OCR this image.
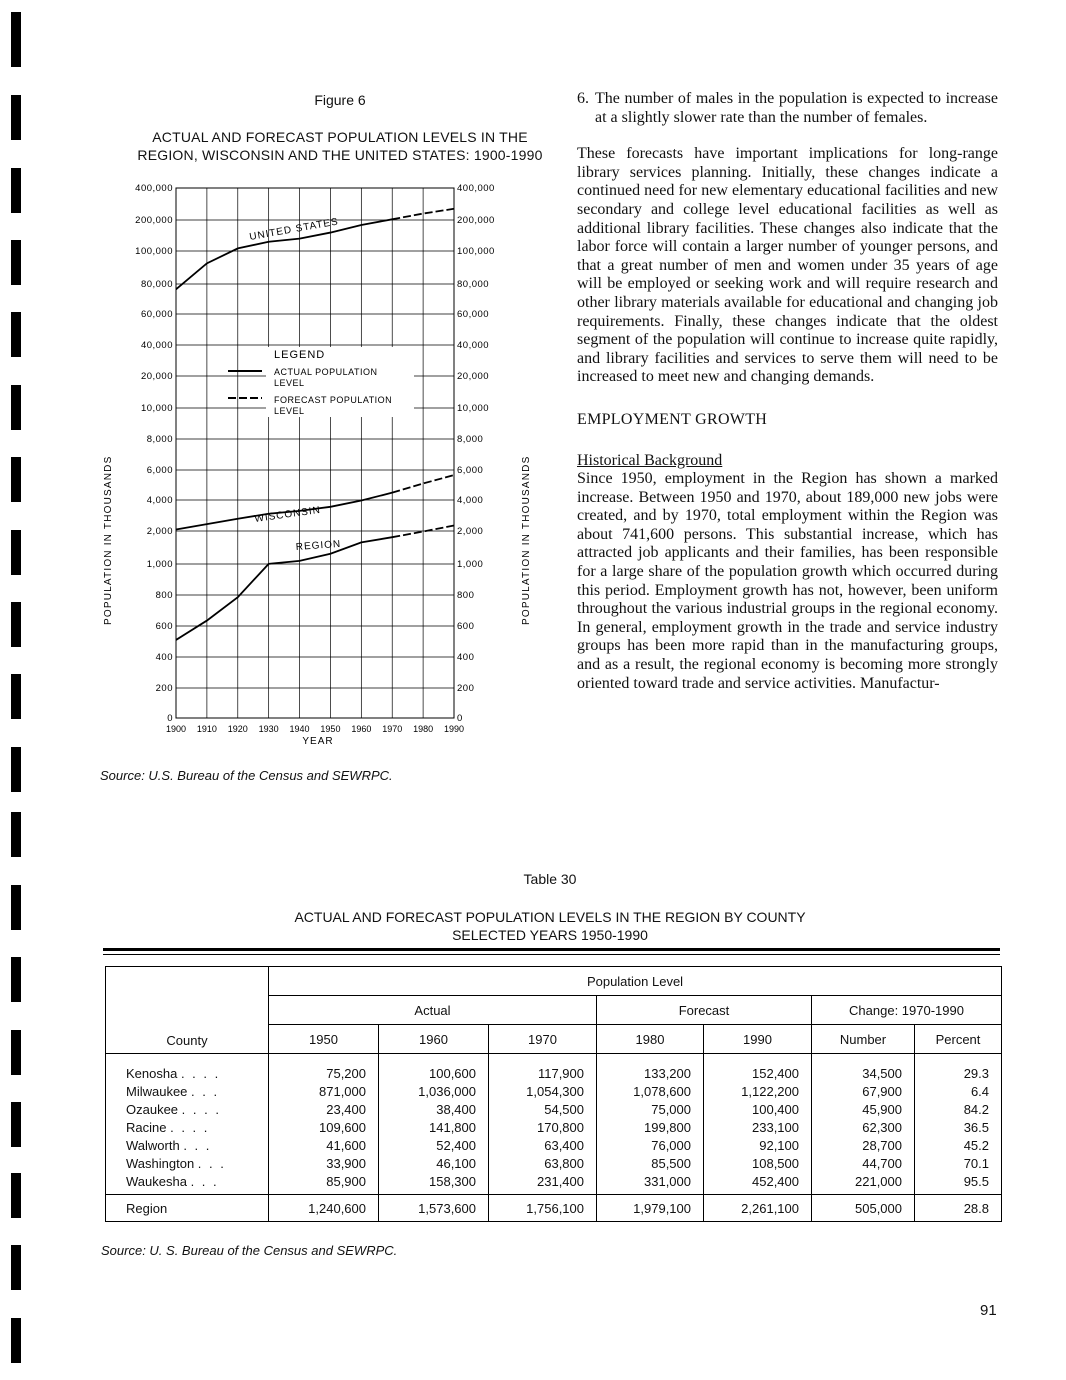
Figure 6
ACTUAL AND FORECAST POPULATION LEVELS IN THE
REGION, WISCONSIN AND THE UNITED STATES: 1900-1990
1900 1910 1920 1930 1940 1950 1960 1970 1980 1990
0	0
200	200
400	400
600	600
800	800
1,000	1,000
2,000	2,000
4,000	4,000
6,000	6,000
8,000	8,000
10,000	10,000
20,000	20,000
40,000	40,000
60,000	60,000
80,000	80,000
100,000	100,000
200,000	200,000
400,000	400,000
LEGEND
ACTUAL POPULATION
LEVEL
FORECAST POPULATION
LEVEL
UNITED STATES
WISCONSIN
REGION
POPULATION IN THOUSANDS	POPULATION IN THOUSANDS
YEAR
Source: U.S. Bureau of the Census and SEWRPC.
6. The number of males in the population is expected to increase at a slightly slower rate than the number of females.

These forecasts have important implications for long-range library services planning. Initially, these changes indicate a continued need for new elementary educational facilities and new secondary and college level educational facilities as well as additional library facilities. These changes also indicate that the labor force will contain a larger number of younger persons, and that a great number of men and women under 35 years of age will be employed or seeking work and will require research and other library materials available for educational and changing job requirements. Finally, these changes indicate that the oldest segment of the population will continue to increase quite rapidly, and library facilities and services to serve them will need to be increased to meet new and changing demands.

EMPLOYMENT GROWTH
Historical Background

Since 1950, employment in the Region has shown a marked increase. Between 1950 and 1970, about 189,000 new jobs were created, and by 1970, total employment within the Region was about 741,600 persons. This substantial increase, which has attracted job applicants and their families, has been responsible for a large share of the population growth which occurred during this period. Employment growth has not, however, been uniform throughout the various industrial groups in the regional economy. In general, employment growth in the trade and service industry groups has been more rapid than in the manufacturing groups, and as a result, the regional economy is becoming more strongly oriented toward trade and service activities. Manufactur-

Table 30
ACTUAL AND FORECAST POPULATION LEVELS IN THE REGION BY COUNTY
SELECTED YEARS 1950-1990
County	Population Level						
	Actual			Forecast		Change: 1970-1990	
	1950	1960	1970	1980	1990	Number	Percent
Kenosha . . . .	75,200	100,600	117,900	133,200	152,400	34,500	29.3
Milwaukee . . .	871,000	1,036,000	1,054,300	1,078,600	1,122,200	67,900	6.4
Ozaukee . . . .	23,400	38,400	54,500	75,000	100,400	45,900	84.2
Racine . . . .	109,600	141,800	170,800	199,800	233,100	62,300	36.5
Walworth . . .	41,600	52,400	63,400	76,000	92,100	28,700	45.2
Washington . . .	33,900	46,100	63,800	85,500	108,500	44,700	70.1
Waukesha . . .	85,900	158,300	231,400	331,000	452,400	221,000	95.5
Region	1,240,600	1,573,600	1,756,100	1,979,100	2,261,100	505,000	28.8
Source: U. S. Bureau of the Census and SEWRPC.
91
